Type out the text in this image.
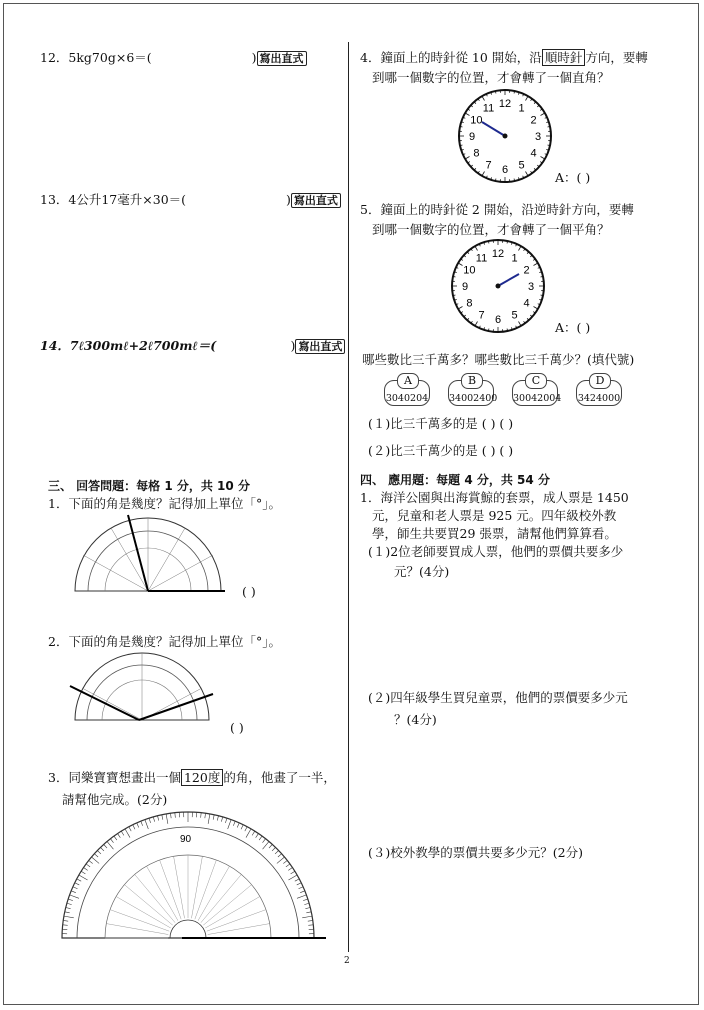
12．5kg70g×6＝(	) 寫出直式
13．4公升17毫升×30＝(	) 寫出直式
14．7ℓ300mℓ+2ℓ700mℓ＝(	) 寫出直式
三、 回答問題：每格 1 分，共 10 分
1．下面的角是幾度？記得加上單位「°」。
( )
2．下面的角是幾度？記得加上單位「°」。
( )
3．同樂寶寶想畫出一個 120度 的角，他畫了一半，
請幫他完成。(2分)
90
4．鐘面上的時針從 10 開始，沿 順時針 方向，要轉
到哪一個數字的位置，才會轉了一個直角？
12 1
2
3
4
5
6
7
8
9
10
11
A：( )
5．鐘面上的時針從 2 開始，沿逆時針方向，要轉
到哪一個數字的位置，才會轉了一個平角？
12 1
2
3
4
5
6
7
8
9
10
11
A：( )
哪些數比三千萬多？哪些數比三千萬少？(填代號)
A
3040204
B
34002400
C
30042004
D
3424000
(１)比三千萬多的是 ( ) ( )
(２)比三千萬少的是 ( ) ( )
四、 應用題：每題 4 分，共 54 分
1．海洋公園與出海賞鯨的套票，成人票是 1450
元，兒童和老人票是 925 元。四年級校外教
學，師生共要買29 張票，請幫他們算算看。
(１)2位老師要買成人票，他們的票價共要多少
元？(4分)
(２)四年級學生買兒童票，他們的票價要多少元
？(4分)
(３)校外教學的票價共要多少元？(2分)
2
